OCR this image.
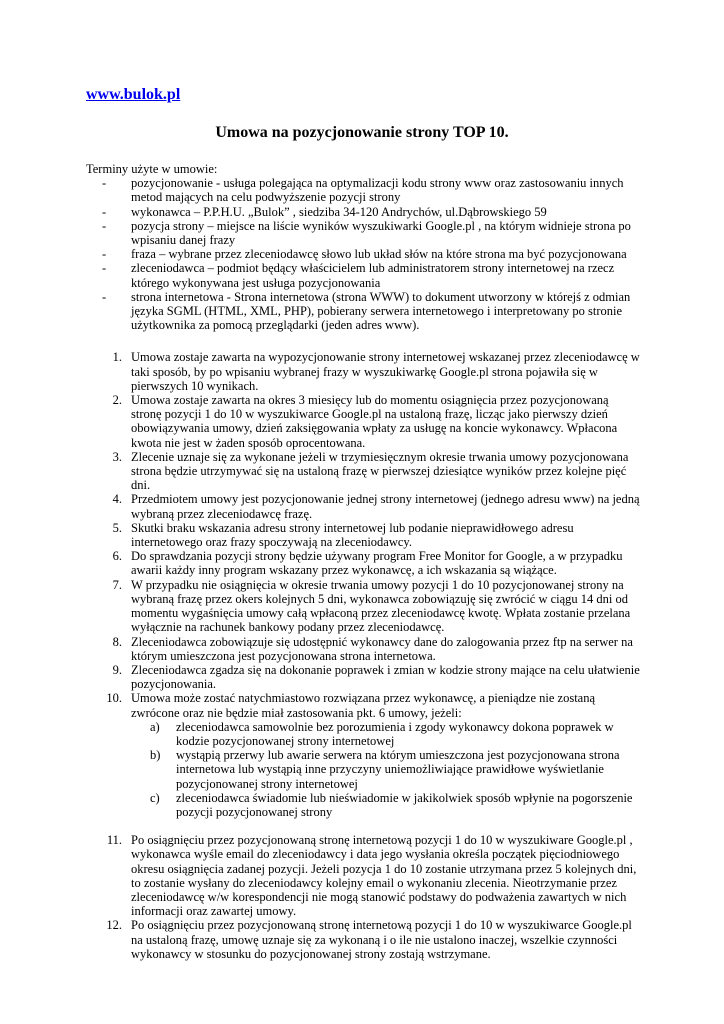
www.bulok.pl
Umowa na pozycjonowanie strony TOP 10.

Terminy użyte w umowie:

- pozycjonowanie - usługa polegająca na optymalizacji kodu strony www oraz zastosowaniu innych metod mających na celu podwyższenie pozycji strony
- wykonawca – P.P.H.U. „Bulok” , siedziba 34-120 Andrychów, ul.Dąbrowskiego 59
- pozycja strony – miejsce na liście wyników wyszukiwarki Google.pl , na którym widnieje strona po wpisaniu danej frazy
- fraza – wybrane przez zleceniodawcę słowo lub układ słów na które strona ma być pozycjonowana
- zleceniodawca – podmiot będący właścicielem lub administratorem strony internetowej na rzecz którego wykonywana jest usługa pozycjonowania
- strona internetowa - Strona internetowa (strona WWW) to dokument utworzony w którejś z odmian języka SGML (HTML, XML, PHP), pobierany serwera internetowego i interpretowany po stronie użytkownika za pomocą przeglądarki (jeden adres www).
1. Umowa zostaje zawarta na wypozycjonowanie strony internetowej wskazanej przez zleceniodawcę w taki sposób, by po wpisaniu wybranej frazy w wyszukiwarkę Google.pl strona pojawiła się w pierwszych 10 wynikach.
2. Umowa zostaje zawarta na okres 3 miesięcy lub do momentu osiągnięcia przez pozycjonowaną stronę pozycji 1 do 10 w wyszukiwarce Google.pl na ustaloną frazę, licząc jako pierwszy dzień obowiązywania umowy, dzień zaksięgowania wpłaty za usługę na koncie wykonawcy. Wpłacona kwota nie jest w żaden sposób oprocentowana.
3. Zlecenie uznaje się za wykonane jeżeli w trzymiesięcznym okresie trwania umowy pozycjonowana strona będzie utrzymywać się na ustaloną frazę w pierwszej dziesiątce wyników przez kolejne pięć dni.
4. Przedmiotem umowy jest pozycjonowanie jednej strony internetowej (jednego adresu www) na jedną wybraną przez zleceniodawcę frazę.
5. Skutki braku wskazania adresu strony internetowej lub podanie nieprawidłowego adresu internetowego oraz frazy spoczywają na zleceniodawcy.
6. Do sprawdzania pozycji strony będzie używany program Free Monitor for Google, a w przypadku awarii każdy inny program wskazany przez wykonawcę, a ich wskazania są wiążące.
7. W przypadku nie osiągnięcia w okresie trwania umowy pozycji 1 do 10 pozycjonowanej strony na wybraną frazę przez okers kolejnych 5 dni, wykonawca zobowiązuję się zwrócić w ciągu 14 dni od momentu wygaśnięcia umowy całą wpłaconą przez zleceniodawcę kwotę. Wpłata zostanie przelana wyłącznie na rachunek bankowy podany przez zleceniodawcę.
8. Zleceniodawca zobowiązuje się udostępnić wykonawcy dane do zalogowania przez ftp na serwer na którym umieszczona jest pozycjonowana strona internetowa.
9. Zleceniodawca zgadza się na dokonanie poprawek i zmian w kodzie strony mające na celu ułatwienie pozycjonowania.
10. Umowa może zostać natychmiastowo rozwiązana przez wykonawcę, a pieniądze nie zostaną zwrócone oraz nie będzie miał zastosowania pkt. 6 umowy, jeżeli:
a) zleceniodawca samowolnie bez porozumienia i zgody wykonawcy dokona poprawek w kodzie pozycjonowanej strony internetowej
b) wystąpią przerwy lub awarie serwera na którym umieszczona jest pozycjonowana strona internetowa lub wystąpią inne przyczyny uniemożliwiające prawidłowe wyświetlanie pozycjonowanej strony internetowej
c) zleceniodawca świadomie lub nieświadomie w jakikolwiek sposób wpłynie na pogorszenie pozycji pozycjonowanej strony
11. Po osiągnięciu przez pozycjonowaną stronę internetową pozycji 1 do 10 w wyszukiware Google.pl , wykonawca wyśle email do zleceniodawcy i data jego wysłania określa początek pięciodniowego okresu osiągnięcia zadanej pozycji. Jeżeli pozycja 1 do 10 zostanie utrzymana przez 5 kolejnych dni, to zostanie wysłany do zleceniodawcy kolejny email o wykonaniu zlecenia. Nieotrzymanie przez zleceniodawcę w/w korespondencji nie mogą stanowić podstawy do podważenia zawartych w nich informacji oraz zawartej umowy.
12. Po osiągnięciu przez pozycjonowaną stronę internetową pozycji 1 do 10 w wyszukiwarce Google.pl na ustaloną frazę, umowę uznaje się za wykonaną i o ile nie ustalono inaczej, wszelkie czynności wykonawcy w stosunku do pozycjonowanej strony zostają wstrzymane.
